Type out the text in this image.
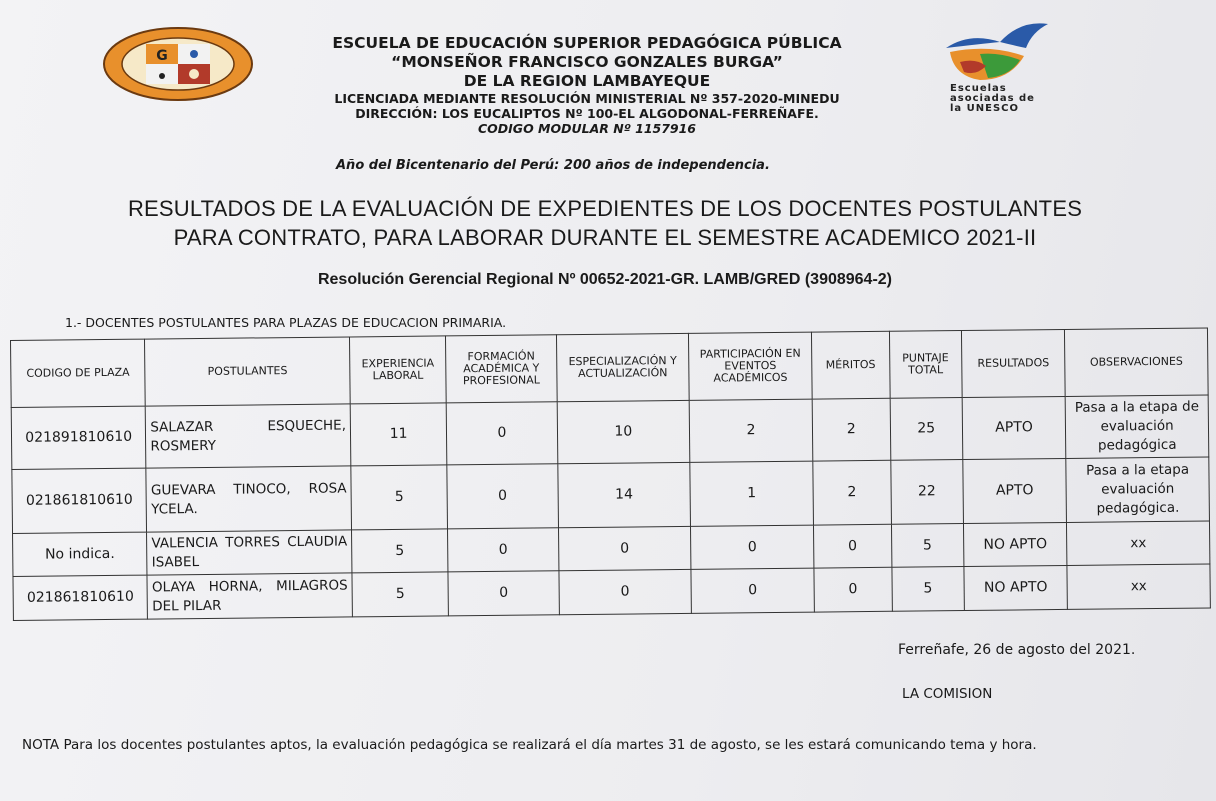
G
ESCUELA DE EDUCACIÓN SUPERIOR PEDAGÓGICA PÚBLICA
“MONSEÑOR FRANCISCO GONZALES BURGA”
DE LA REGION LAMBAYEQUE
LICENCIADA MEDIANTE RESOLUCIÓN MINISTERIAL Nº 357-2020-MINEDU
DIRECCIÓN: LOS EUCALIPTOS Nº 100-EL ALGODONAL-FERREÑAFE.
CODIGO MODULAR Nº 1157916
Escuelas
asociadas de
la UNESCO
Año del Bicentenario del Perú: 200 años de independencia.
RESULTADOS DE LA EVALUACIÓN DE EXPEDIENTES DE LOS DOCENTES POSTULANTES
PARA CONTRATO, PARA LABORAR DURANTE EL SEMESTRE ACADEMICO 2021-II
Resolución Gerencial Regional Nº 00652-2021-GR. LAMB/GRED (3908964-2)
1.- DOCENTES POSTULANTES PARA PLAZAS DE EDUCACION PRIMARIA.
CODIGO DE PLAZA	POSTULANTES	EXPERIENCIA LABORAL	FORMACIÓN ACADÉMICA Y PROFESIONAL	ESPECIALIZACIÓN Y ACTUALIZACIÓN	PARTICIPACIÓN EN EVENTOS ACADÉMICOS	MÉRITOS	PUNTAJE TOTAL	RESULTADOS	OBSERVACIONES
021891810610	SALAZAR ESQUECHE, ROSMERY	11	0	10	2	2	25	APTO	Pasa a la etapa de evaluación pedagógica
021861810610	GUEVARA TINOCO, ROSA YCELA.	5	0	14	1	2	22	APTO	Pasa a la etapa evaluación pedagógica.
No indica.	VALENCIA TORRES CLAUDIA ISABEL	5	0	0	0	0	5	NO APTO	xx
021861810610	OLAYA HORNA, MILAGROS DEL PILAR	5	0	0	0	0	5	NO APTO	xx
Ferreñafe, 26 de agosto del 2021.
LA COMISION
NOTA Para los docentes postulantes aptos, la evaluación pedagógica se realizará el día martes 31 de agosto, se les estará comunicando tema y hora.
